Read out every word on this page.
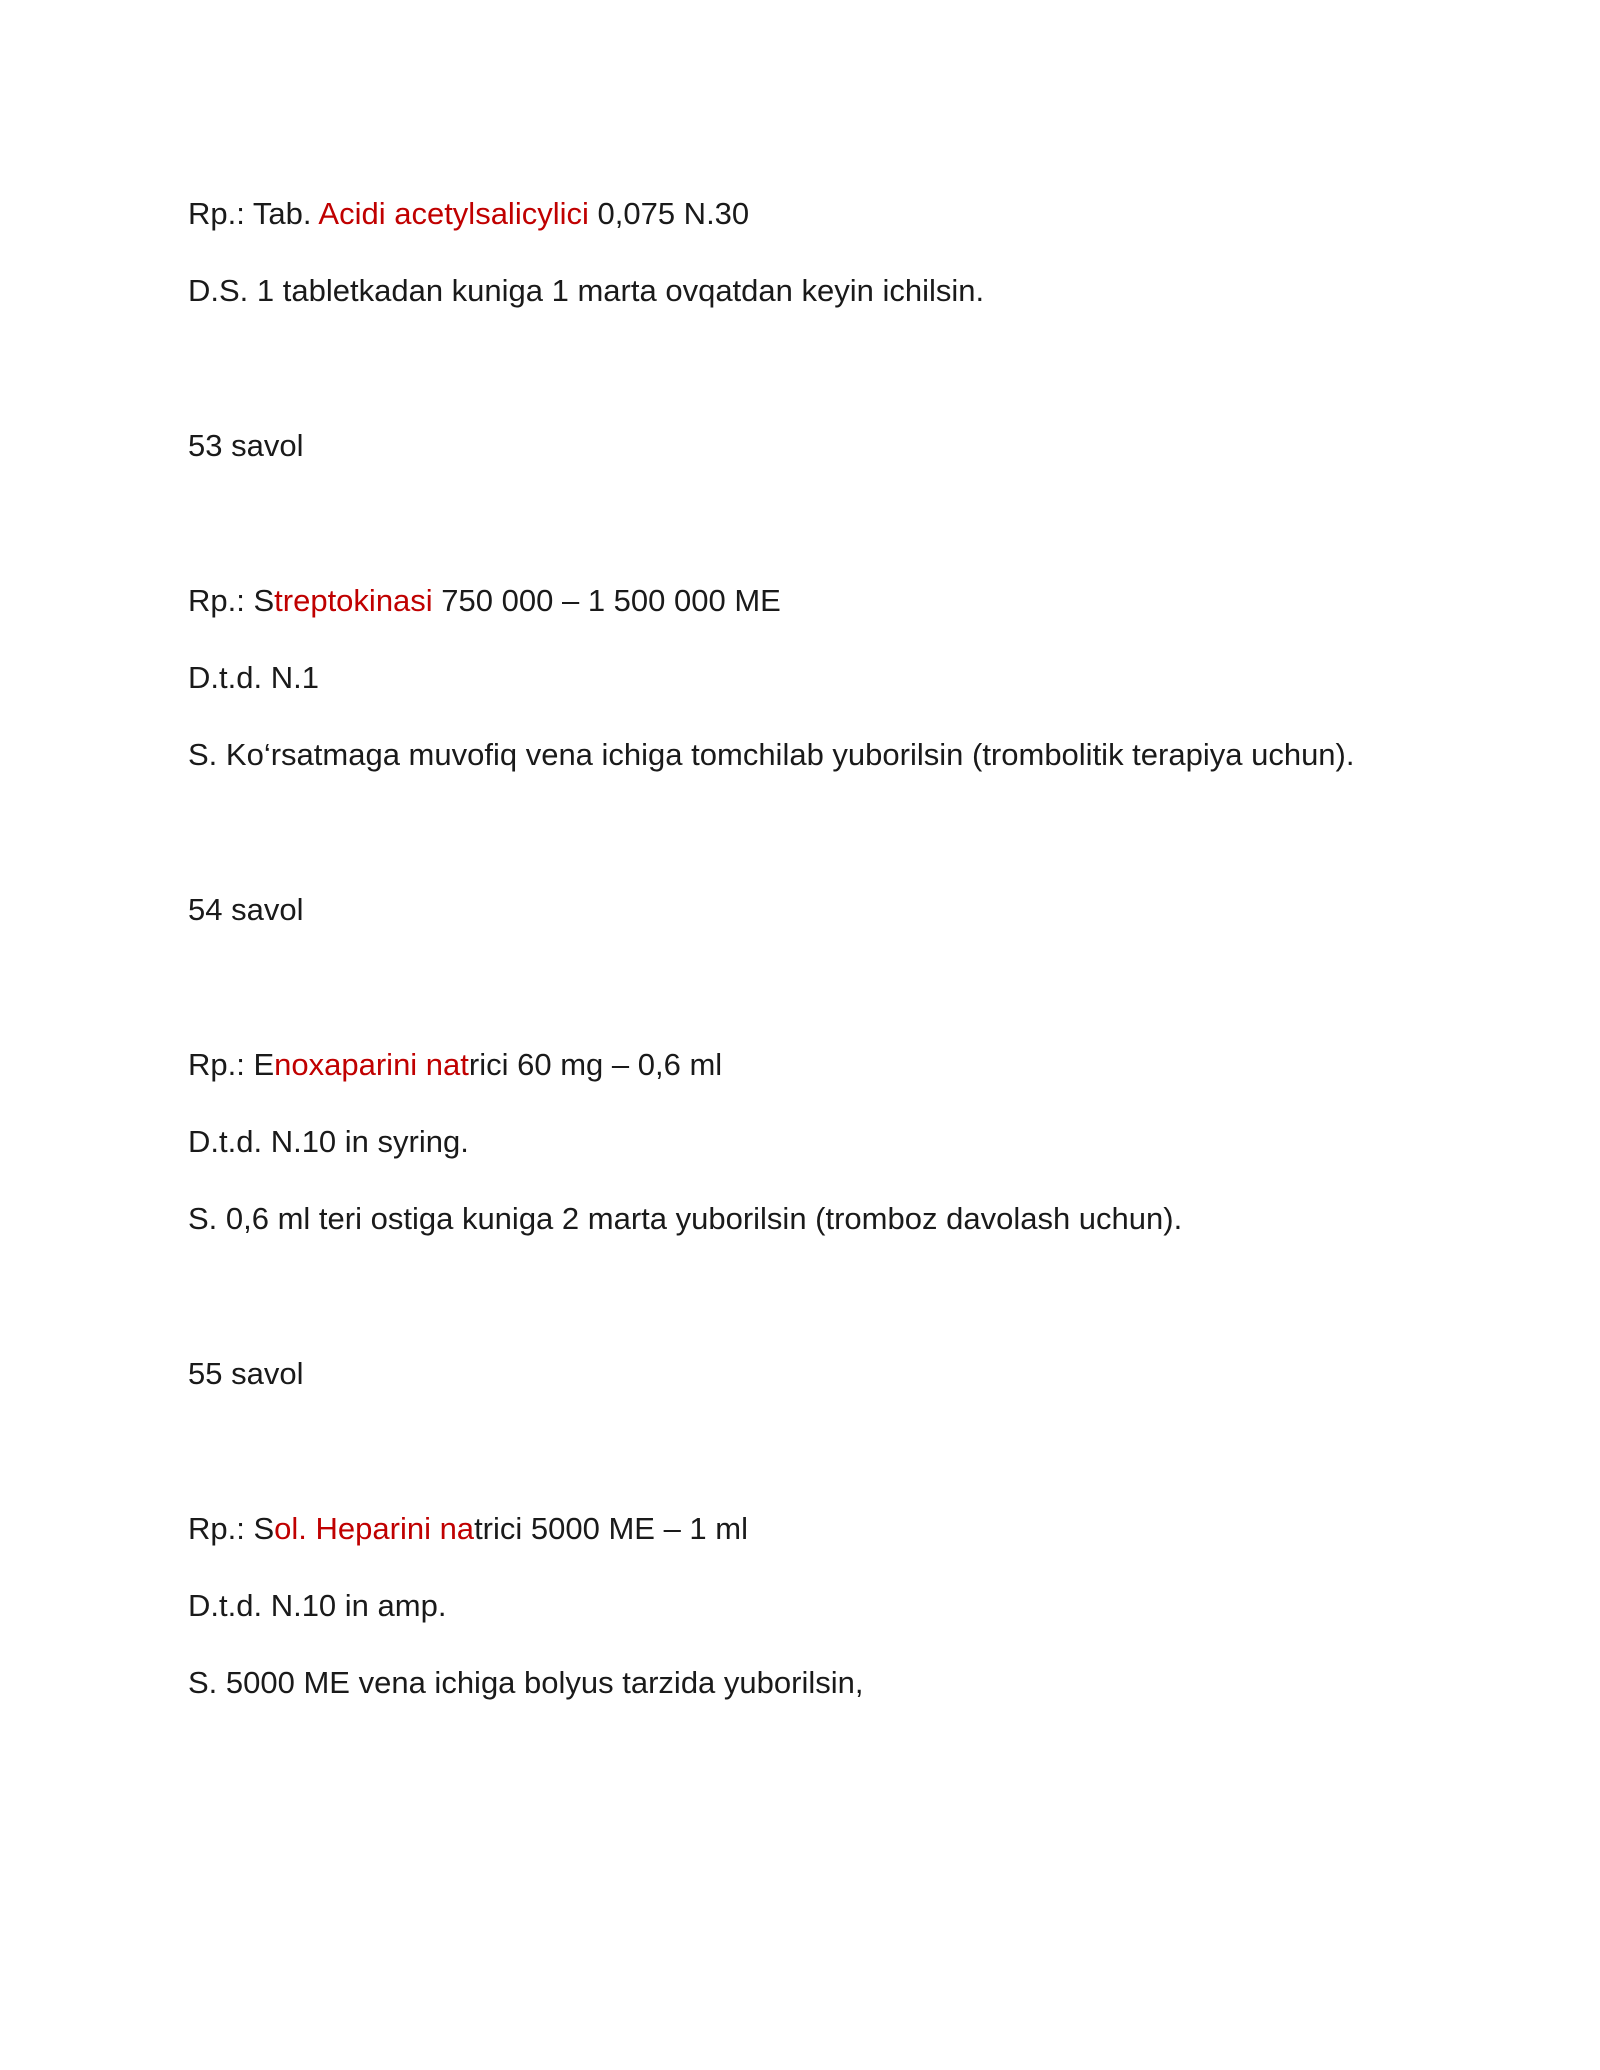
Rp.: Tab. Acidi acetylsalicylici 0,075 N.30

D.S. 1 tabletkadan kuniga 1 marta ovqatdan keyin ichilsin.

53 savol

Rp.: Streptokinasi 750 000 – 1 500 000 ME

D.t.d. N.1

S. Ko‘rsatmaga muvofiq vena ichiga tomchilab yuborilsin (trombolitik terapiya uchun).

54 savol

Rp.: Enoxaparini natrici 60 mg – 0,6 ml

D.t.d. N.10 in syring.

S. 0,6 ml teri ostiga kuniga 2 marta yuborilsin (tromboz davolash uchun).

55 savol

Rp.: Sol. Heparini natrici 5000 ME – 1 ml

D.t.d. N.10 in amp.

S. 5000 ME vena ichiga bolyus tarzida yuborilsin,
